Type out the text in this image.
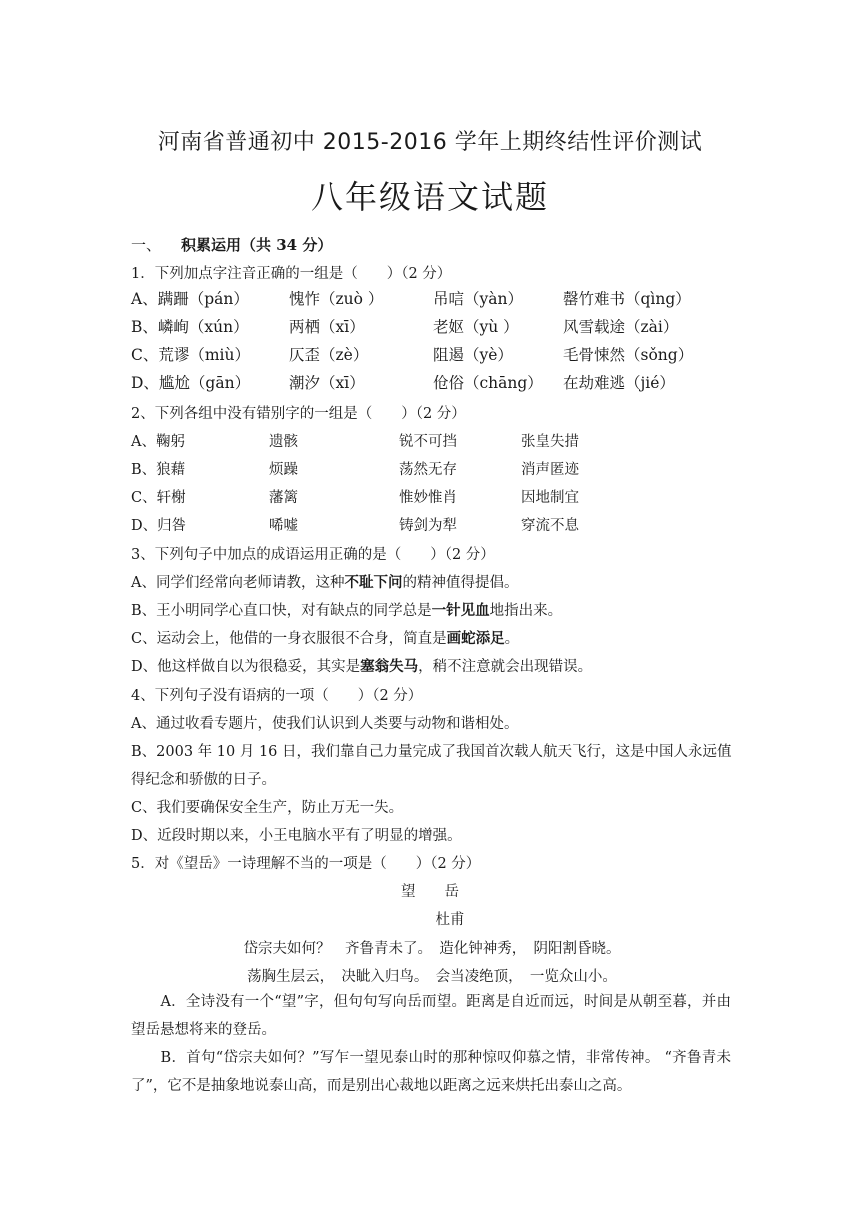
河南省普通初中 2015-2016 学年上期终结性评价测试
八年级语文试题
一、 积累运用（共 34 分）
1．下列加点字注音正确的一组是（　　）（2 分）
A、蹒跚（pán）	愧怍（zuò ）	吊唁（yàn）	罄竹难书（qìng）
B、嶙峋（xún）	两栖（xī）	老妪（yù ）	风雪载途（zài）
C、荒谬（miù）	仄歪（zè）	阻遏（yè）	毛骨悚然（sǒng）
D、尴尬（gān）	潮汐（xī）	伧俗（chāng） 在劫难逃（jié）
2、下列各组中没有错别字的一组是（　　）（2 分）
A、鞠躬	遗骸	锐不可挡	张皇失措
B、狼藉	烦躁	荡然无存	消声匿迹
C、轩榭	藩篱	惟妙惟肖	因地制宜
D、归咎	唏嘘	铸剑为犁	穿流不息
3、下列句子中加点的成语运用正确的是（　　）（2 分）
A、同学们经常向老师请教，这种不耻下问的精神值得提倡。
B、王小明同学心直口快，对有缺点的同学总是一针见血地指出来。
C、运动会上，他借的一身衣服很不合身，简直是画蛇添足。
D、他这样做自以为很稳妥，其实是塞翁失马，稍不注意就会出现错误。
4、下列句子没有语病的一项（　　）（2 分）
A、通过收看专题片，使我们认识到人类要与动物和谐相处。
B、2003 年 10 月 16 日，我们靠自己力量完成了我国首次载人航天飞行，这是中国人永远值
得纪念和骄傲的日子。
C、我们要确保安全生产，防止万无一失。
D、近段时期以来，小王电脑水平有了明显的增强。
5．对《望岳》一诗理解不当的一项是（　　）（2 分）
望　　岳
杜甫
岱宗夫如何？　齐鲁青未了。　造化钟神秀，　阴阳割昏晓。
荡胸生层云，　决眦入归鸟。　会当凌绝顶，　一览众山小。
　　A．全诗没有一个“望”字，但句句写向岳而望。距离是自近而远，时间是从朝至暮，并由望岳悬想将来的登岳。
　　B．首句“岱宗夫如何？”写乍一望见泰山时的那种惊叹仰慕之情，非常传神。 “齐鲁青未了”，它不是抽象地说泰山高，而是别出心裁地以距离之远来烘托出泰山之高。
